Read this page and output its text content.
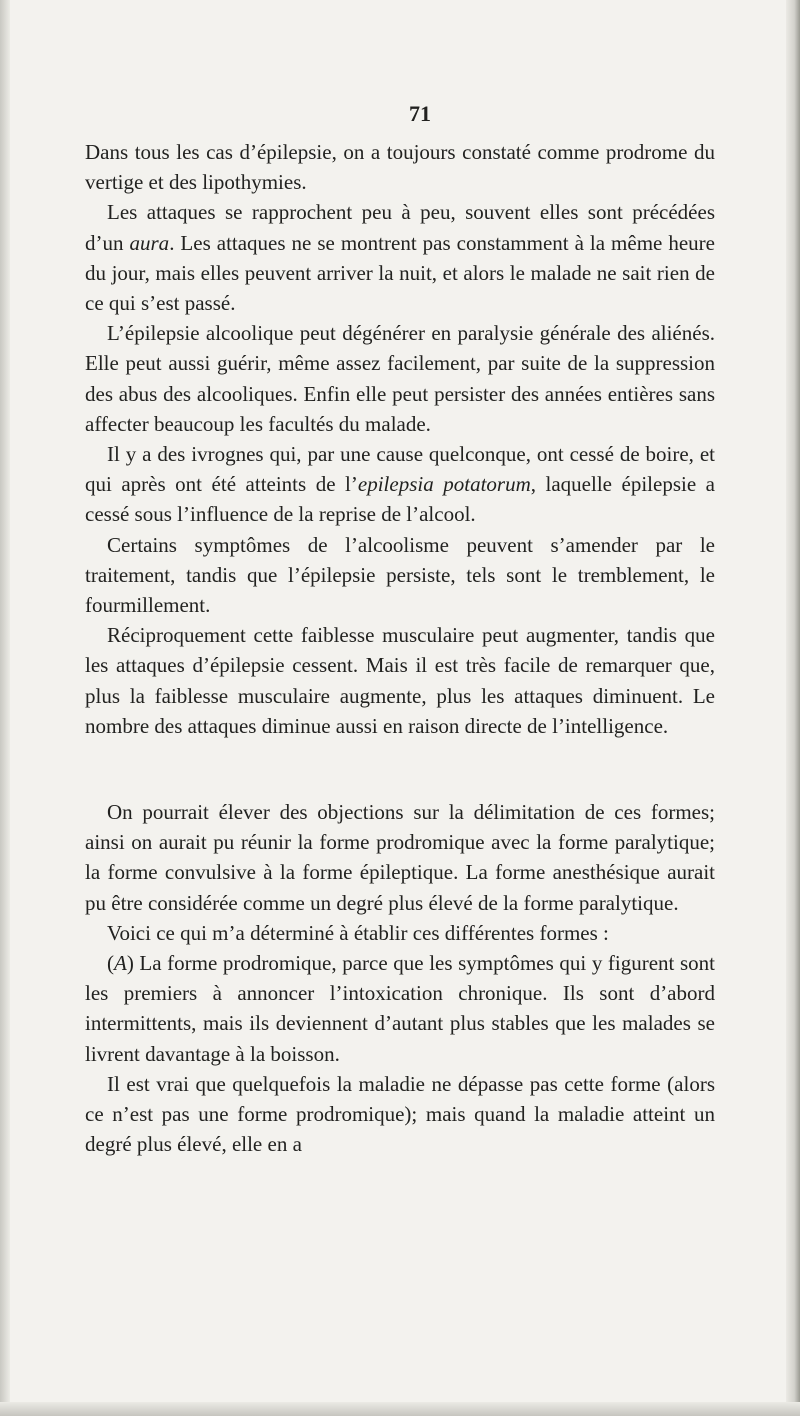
71

Dans tous les cas d’épilepsie, on a toujours constaté comme prodrome du vertige et des lipothymies.

Les attaques se rapprochent peu à peu, souvent elles sont précédées d’un aura. Les attaques ne se montrent pas constamment à la même heure du jour, mais elles peuvent arriver la nuit, et alors le malade ne sait rien de ce qui s’est passé.

L’épilepsie alcoolique peut dégénérer en paralysie générale des aliénés. Elle peut aussi guérir, même assez facilement, par suite de la suppression des abus des alcooliques. Enfin elle peut persister des années entières sans affecter beaucoup les facultés du malade.

Il y a des ivrognes qui, par une cause quelconque, ont cessé de boire, et qui après ont été atteints de l’epilepsia potatorum, laquelle épilepsie a cessé sous l’influence de la reprise de l’alcool.

Certains symptômes de l’alcoolisme peuvent s’amender par le traitement, tandis que l’épilepsie persiste, tels sont le tremblement, le fourmillement.

Réciproquement cette faiblesse musculaire peut augmenter, tandis que les attaques d’épilepsie cessent. Mais il est très facile de remarquer que, plus la faiblesse musculaire augmente, plus les attaques diminuent. Le nombre des attaques diminue aussi en raison directe de l’intelligence.

On pourrait élever des objections sur la délimitation de ces formes; ainsi on aurait pu réunir la forme prodromique avec la forme paralytique; la forme convulsive à la forme épileptique. La forme anesthésique aurait pu être considérée comme un degré plus élevé de la forme paralytique.

Voici ce qui m’a déterminé à établir ces différentes formes :

(A) La forme prodromique, parce que les symptômes qui y figurent sont les premiers à annoncer l’intoxication chronique. Ils sont d’abord intermittents, mais ils deviennent d’autant plus stables que les malades se livrent davantage à la boisson.

Il est vrai que quelquefois la maladie ne dépasse pas cette forme (alors ce n’est pas une forme prodromique); mais quand la maladie atteint un degré plus élevé, elle en a
